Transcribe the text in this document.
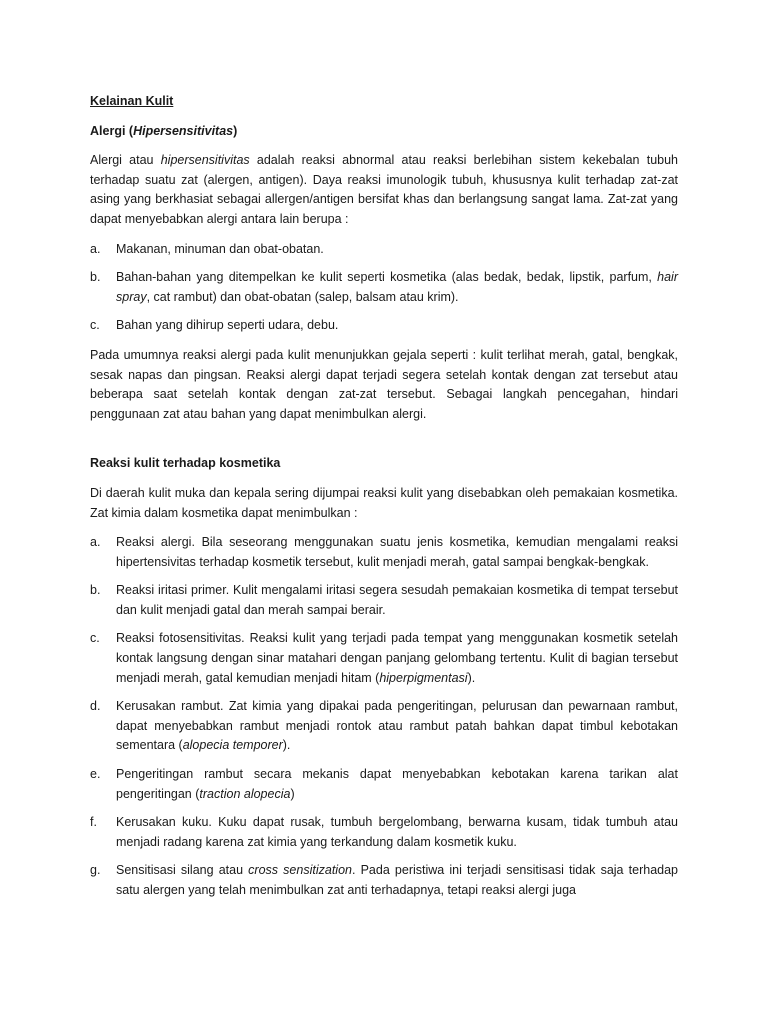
Kelainan Kulit
Alergi (Hipersensitivitas)

Alergi atau hipersensitivitas adalah reaksi abnormal atau reaksi berlebihan sistem kekebalan tubuh terhadap suatu zat (alergen, antigen). Daya reaksi imunologik tubuh, khususnya kulit terhadap zat-zat asing yang berkhasiat sebagai allergen/antigen bersifat khas dan berlangsung sangat lama. Zat-zat yang dapat menyebabkan alergi antara lain berupa :

a.	Makanan, minuman dan obat-obatan.
b.	Bahan-bahan yang ditempelkan ke kulit seperti kosmetika (alas bedak, bedak, lipstik, parfum, hair spray, cat rambut) dan obat-obatan (salep, balsam atau krim).
c.	Bahan yang dihirup seperti udara, debu.

Pada umumnya reaksi alergi pada kulit menunjukkan gejala seperti : kulit terlihat merah, gatal, bengkak, sesak napas dan pingsan. Reaksi alergi dapat terjadi segera setelah kontak dengan zat tersebut atau beberapa saat setelah kontak dengan zat-zat tersebut. Sebagai langkah pencegahan, hindari penggunaan zat atau bahan yang dapat menimbulkan alergi.

Reaksi kulit terhadap kosmetika

Di daerah kulit muka dan kepala sering dijumpai reaksi kulit yang disebabkan oleh pemakaian kosmetika. Zat kimia dalam kosmetika dapat menimbulkan :

a.	Reaksi alergi. Bila seseorang menggunakan suatu jenis kosmetika, kemudian mengalami reaksi hipertensivitas terhadap kosmetik tersebut, kulit menjadi merah, gatal sampai bengkak-bengkak.
b.	Reaksi iritasi primer. Kulit mengalami iritasi segera sesudah pemakaian kosmetika di tempat tersebut dan kulit menjadi gatal dan merah sampai berair.
c.	Reaksi fotosensitivitas. Reaksi kulit yang terjadi pada tempat yang menggunakan kosmetik setelah kontak langsung dengan sinar matahari dengan panjang gelombang tertentu. Kulit di bagian tersebut menjadi merah, gatal kemudian menjadi hitam (hiperpigmentasi).
d.	Kerusakan rambut. Zat kimia yang dipakai pada pengeritingan, pelurusan dan pewarnaan rambut, dapat menyebabkan rambut menjadi rontok atau rambut patah bahkan dapat timbul kebotakan sementara (alopecia temporer).
e.	Pengeritingan rambut secara mekanis dapat menyebabkan kebotakan karena tarikan alat pengeritingan (traction alopecia)
f.	Kerusakan kuku. Kuku dapat rusak, tumbuh bergelombang, berwarna kusam, tidak tumbuh atau menjadi radang karena zat kimia yang terkandung dalam kosmetik kuku.
g.	Sensitisasi silang atau cross sensitization. Pada peristiwa ini terjadi sensitisasi tidak saja terhadap satu alergen yang telah menimbulkan zat anti terhadapnya, tetapi reaksi alergi juga
